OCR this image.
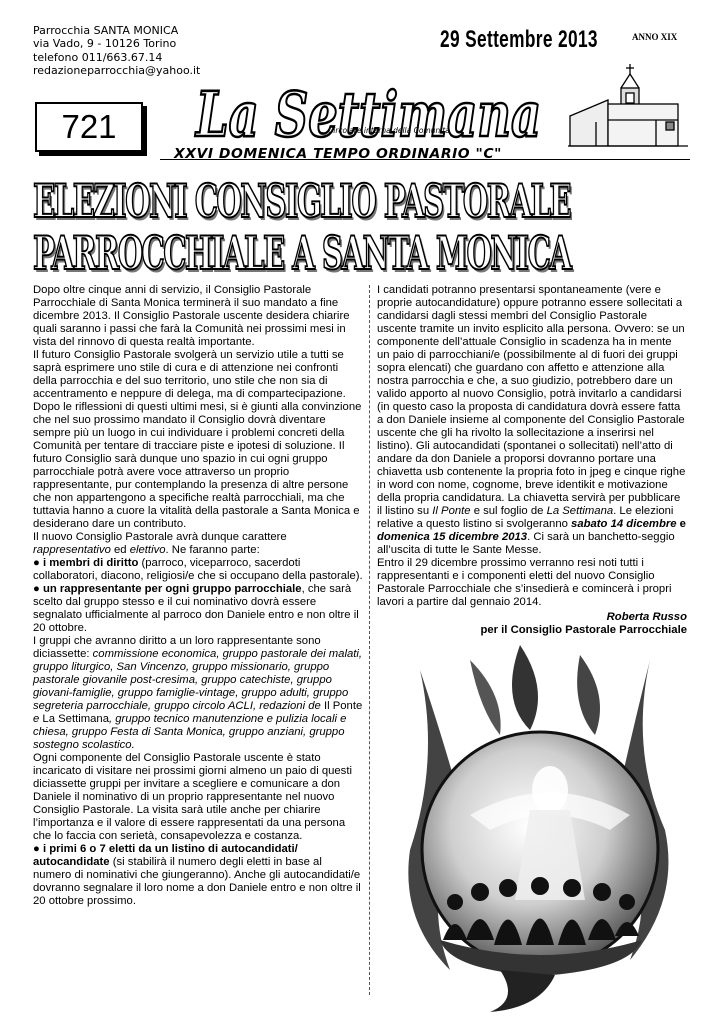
Parrocchia SANTA MONICA
via Vado, 9 - 10126 Torino
telefono 011/663.67.14
redazioneparrocchia@yahoo.it
29 Settembre 2013	ANNO XIX
721	La Settimana
Circolare interna della Comunità
XXVI DOMENICA TEMPO ORDINARIO "C"
ELEZIONI CONSIGLIO PASTORALE
PARROCCHIALE A SANTA MONICA

Dopo oltre cinque anni di servizio, il Consiglio Pastorale Parrocchiale di Santa Monica terminerà il suo mandato a fine dicembre 2013. Il Consiglio Pastorale uscente desidera chiarire quali saranno i passi che farà la Comunità nei prossimi mesi in vista del rinnovo di questa realtà importante.

Il futuro Consiglio Pastorale svolgerà un servizio utile a tutti se saprà esprimere uno stile di cura e di attenzione nei confronti della parrocchia e del suo territorio, uno stile che non sia di accentramento e neppure di delega, ma di compartecipazione.

Dopo le riflessioni di questi ultimi mesi, si è giunti alla convinzione che nel suo prossimo mandato il Consiglio dovrà diventare sempre più un luogo in cui individuare i problemi concreti della Comunità per tentare di tracciare piste e ipotesi di soluzione. Il futuro Consiglio sarà dunque uno spazio in cui ogni gruppo parrocchiale potrà avere voce attraverso un proprio rappresentante, pur contemplando la presenza di altre persone che non appartengono a specifiche realtà parrocchiali, ma che tuttavia hanno a cuore la vitalità della pastorale a Santa Monica e desiderano dare un contributo.

Il nuovo Consiglio Pastorale avrà dunque carattere rappresentativo ed elettivo. Ne faranno parte:

● i membri di diritto (parroco, viceparroco, sacerdoti collaboratori, diacono, religiosi/e che si occupano della pastorale).

● un rappresentante per ogni gruppo parrocchiale, che sarà scelto dal gruppo stesso e il cui nominativo dovrà essere segnalato ufficialmente al parroco don Daniele entro e non oltre il 20 ottobre.

I gruppi che avranno diritto a un loro rappresentante sono diciassette: commissione economica, gruppo pastorale dei malati, gruppo liturgico, San Vincenzo, gruppo missionario, gruppo pastorale giovanile post-cresima, gruppo catechiste, gruppo giovani-famiglie, gruppo famiglie-vintage, gruppo adulti, gruppo segreteria parrocchiale, gruppo circolo ACLI, redazioni de Il Ponte e La Settimana, gruppo tecnico manutenzione e pulizia locali e chiesa, gruppo Festa di Santa Monica, gruppo anziani, gruppo sostegno scolastico.

Ogni componente del Consiglio Pastorale uscente è stato incaricato di visitare nei prossimi giorni almeno un paio di questi diciassette gruppi per invitare a scegliere e comunicare a don Daniele il nominativo di un proprio rappresentante nel nuovo Consiglio Pastorale. La visita sarà utile anche per chiarire l’importanza e il valore di essere rappresentati da una persona che lo faccia con serietà, consapevolezza e costanza.

● i primi 6 o 7 eletti da un listino di autocandidati/ autocandidate (si stabilirà il numero degli eletti in base al numero di nominativi che giungeranno). Anche gli autocandidati/e dovranno segnalare il loro nome a don Daniele entro e non oltre il 20 ottobre prossimo.

I candidati potranno presentarsi spontaneamente (vere e proprie autocandidature) oppure potranno essere sollecitati a candidarsi dagli stessi membri del Consiglio Pastorale uscente tramite un invito esplicito alla persona. Ovvero: se un componente dell’attuale Consiglio in scadenza ha in mente un paio di parrocchiani/e (possibilmente al di fuori dei gruppi sopra elencati) che guardano con affetto e attenzione alla nostra parrocchia e che, a suo giudizio, potrebbero dare un valido apporto al nuovo Consiglio, potrà invitarlo a candidarsi (in questo caso la proposta di candidatura dovrà essere fatta a don Daniele insieme al componente del Consiglio Pastorale uscente che gli ha rivolto la sollecitazione a inserirsi nel listino). Gli autocandidati (spontanei o sollecitati) nell’atto di andare da don Daniele a proporsi dovranno portare una chiavetta usb contenente la propria foto in jpeg e cinque righe in word con nome, cognome, breve identikit e motivazione della propria candidatura. La chiavetta servirà per pubblicare il listino su Il Ponte e sul foglio de La Settimana. Le elezioni relative a questo listino si svolgeranno sabato 14 dicembre e domenica 15 dicembre 2013. Ci sarà un banchetto-seggio all’uscita di tutte le Sante Messe.

Entro il 29 dicembre prossimo verranno resi noti tutti i rappresentanti e i componenti eletti del nuovo Consiglio Pastorale Parrocchiale che s’insedierà e comincerà i propri lavori a partire dal gennaio 2014.

Roberta Russo
per il Consiglio Pastorale Parrocchiale
